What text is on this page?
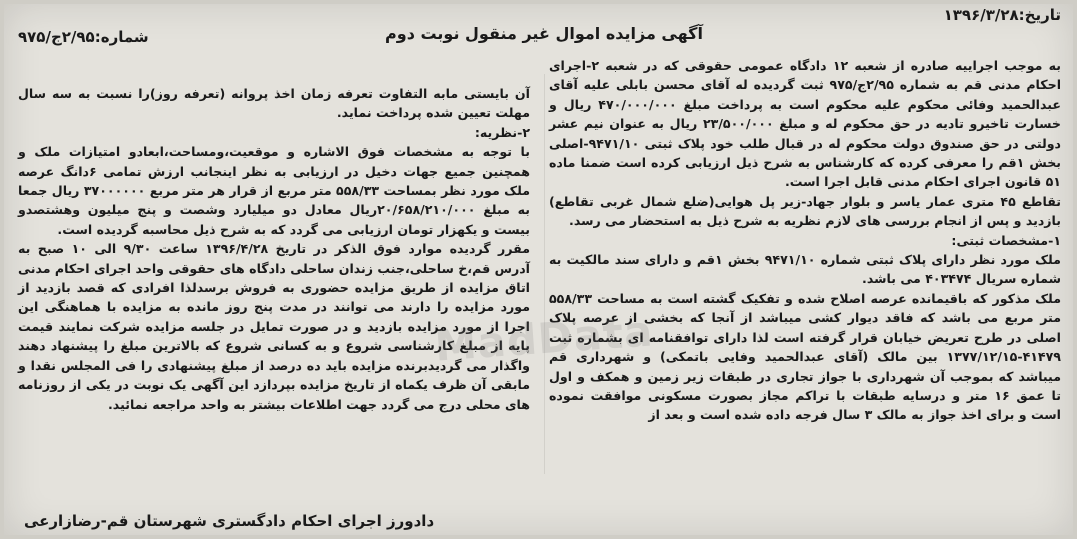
تاریخ:۱۳۹۶/۳/۲۸
شماره:۲/۹۵ج/۹۷۵	آگهی مزایده اموال غیر منقول نوبت دوم

به موجب اجراییه صادره از شعبه ۱۲ دادگاه عمومی حقوقی که در شعبه ۲-اجرای احکام مدنی قم به شماره ۲/۹۵ج/۹۷۵ ثبت گردیده له آقای محسن بابلی علیه آقای عبدالحمید وفائی محکوم علیه محکوم است به پرداخت مبلغ ۴۷۰/۰۰۰/۰۰۰ ریال و خسارت تاخیرو تادیه در حق محکوم له و مبلغ ۲۳/۵۰۰/۰۰۰ ریال به عنوان نیم عشر دولتی در حق صندوق دولت محکوم له در قبال طلب خود پلاک ثبتی ۹۴۷۱/۱۰-اصلی بخش ۱قم را معرفی کرده که کارشناس به شرح ذیل ارزیابی کرده است ضمنا ماده ۵۱ قانون اجرای احکام مدنی قابل اجرا است.

تقاطع ۴۵ متری عمار یاسر و بلوار جهاد-زیر پل هوایی(ضلع شمال غربی تقاطع) بازدید و پس از انجام بررسی های لازم نظریه به شرح ذیل به استحضار می رسد.

۱-مشخصات ثبتی:

ملک مورد نظر دارای پلاک ثبتی شماره ۹۴۷۱/۱۰ بخش ۱قم و دارای سند مالکیت به شماره سریال ۴۰۳۴۷۴ می باشد.

ملک مذکور که باقیمانده عرصه اصلاح شده و تفکیک گشته است به مساحت ۵۵۸/۳۳ متر مربع می باشد که فاقد دیوار کشی میباشد از آنجا که بخشی از عرصه پلاک اصلی در طرح تعریض خیابان قرار گرفته است لذا دارای توافقنامه ای بشماره ثبت ۴۱۴۷۹-۱۳۷۷/۱۲/۱۵ بین مالک (آقای عبدالحمید وفایی باتمکی) و شهرداری قم میباشد که بموجب آن شهرداری با جواز تجاری در طبقات زیر زمین و همکف و اول تا عمق ۱۶ متر و درسایه طبقات با تراکم مجاز بصورت مسکونی موافقت نموده است و برای اخذ جواز به مالک ۳ سال فرجه داده شده است و بعد از

آن بایستی مابه التفاوت تعرفه زمان اخذ پروانه (تعرفه روز)را نسبت به سه سال مهلت تعیین شده پرداخت نماید.

۲-نظریه:

با توجه به مشخصات فوق الاشاره و موقعیت،ومساحت،ابعادو امتیازات ملک و همچنین جمیع جهات دخیل در ارزیابی به نظر اینجانب ارزش تمامی ۶دانگ عرصه ملک مورد نظر بمساحت ۵۵۸/۳۳ متر مربع از قرار هر متر مربع ۳۷۰۰۰۰۰۰ ریال جمعا به مبلغ ۲۰/۶۵۸/۲۱۰/۰۰۰ریال معادل دو میلیارد وشصت و پنج میلیون وهشتصدو بیست و یکهزار تومان ارزیابی می گردد که به شرح ذیل محاسبه گردیده است.

مقرر گردیده موارد فوق الذکر در تاریخ ۱۳۹۶/۴/۲۸ ساعت ۹/۳۰ الی ۱۰ صبح به آدرس قم،خ ساحلی،جنب زندان ساحلی دادگاه های حقوقی واحد اجرای احکام مدنی اتاق مزایده از طریق مزایده حضوری به فروش برسدلذا افرادی که قصد بازدید از مورد مزایده را دارند می توانند در مدت پنج روز مانده به مزایده با هماهنگی این اجرا از مورد مزایده بازدید و در صورت تمایل در جلسه مزایده شرکت نمایند قیمت پایه از مبلغ کارشناسی شروع و به کسانی شروع که بالاترین مبلغ را پیشنهاد دهند واگذار می گردیدبرنده مزایده باید ده درصد از مبلغ پیشنهادی را فی المجلس نقدا و مابقی آن ظرف یکماه از تاریخ مزایده بپردازد این آگهی یک نوبت در یکی از روزنامه های محلی درج می گردد جهت اطلاعات بیشتر به واحد مراجعه نمائید.

MadData
دادورز اجرای احکام دادگستری شهرستان قم-رضازارعی
